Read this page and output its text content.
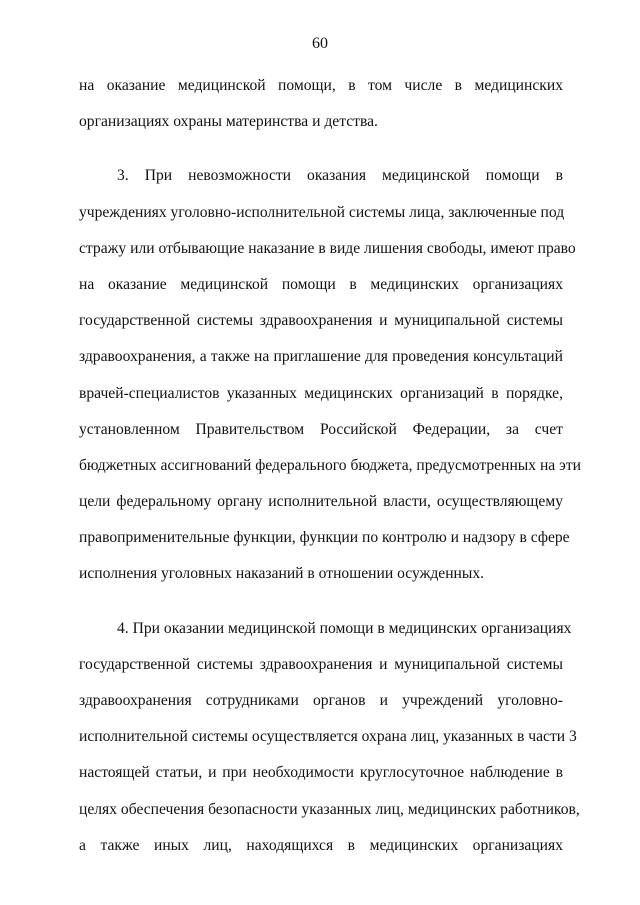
60
на оказание медицинской помощи, в том числе в медицинских
организациях охраны материнства и детства.
3. При невозможности оказания медицинской помощи в
учреждениях уголовно-исполнительной системы лица, заключенные под
стражу или отбывающие наказание в виде лишения свободы, имеют право
на оказание медицинской помощи в медицинских организациях
государственной системы здравоохранения и муниципальной системы
здравоохранения, а также на приглашение для проведения консультаций
врачей-специалистов указанных медицинских организаций в порядке,
установленном Правительством Российской Федерации, за счет
бюджетных ассигнований федерального бюджета, предусмотренных на эти
цели федеральному органу исполнительной власти, осуществляющему
правоприменительные функции, функции по контролю и надзору в сфере
исполнения уголовных наказаний в отношении осужденных.
4. При оказании медицинской помощи в медицинских организациях
государственной системы здравоохранения и муниципальной системы
здравоохранения сотрудниками органов и учреждений уголовно-
исполнительной системы осуществляется охрана лиц, указанных в части 3
настоящей статьи, и при необходимости круглосуточное наблюдение в
целях обеспечения безопасности указанных лиц, медицинских работников,
а также иных лиц, находящихся в медицинских организациях
